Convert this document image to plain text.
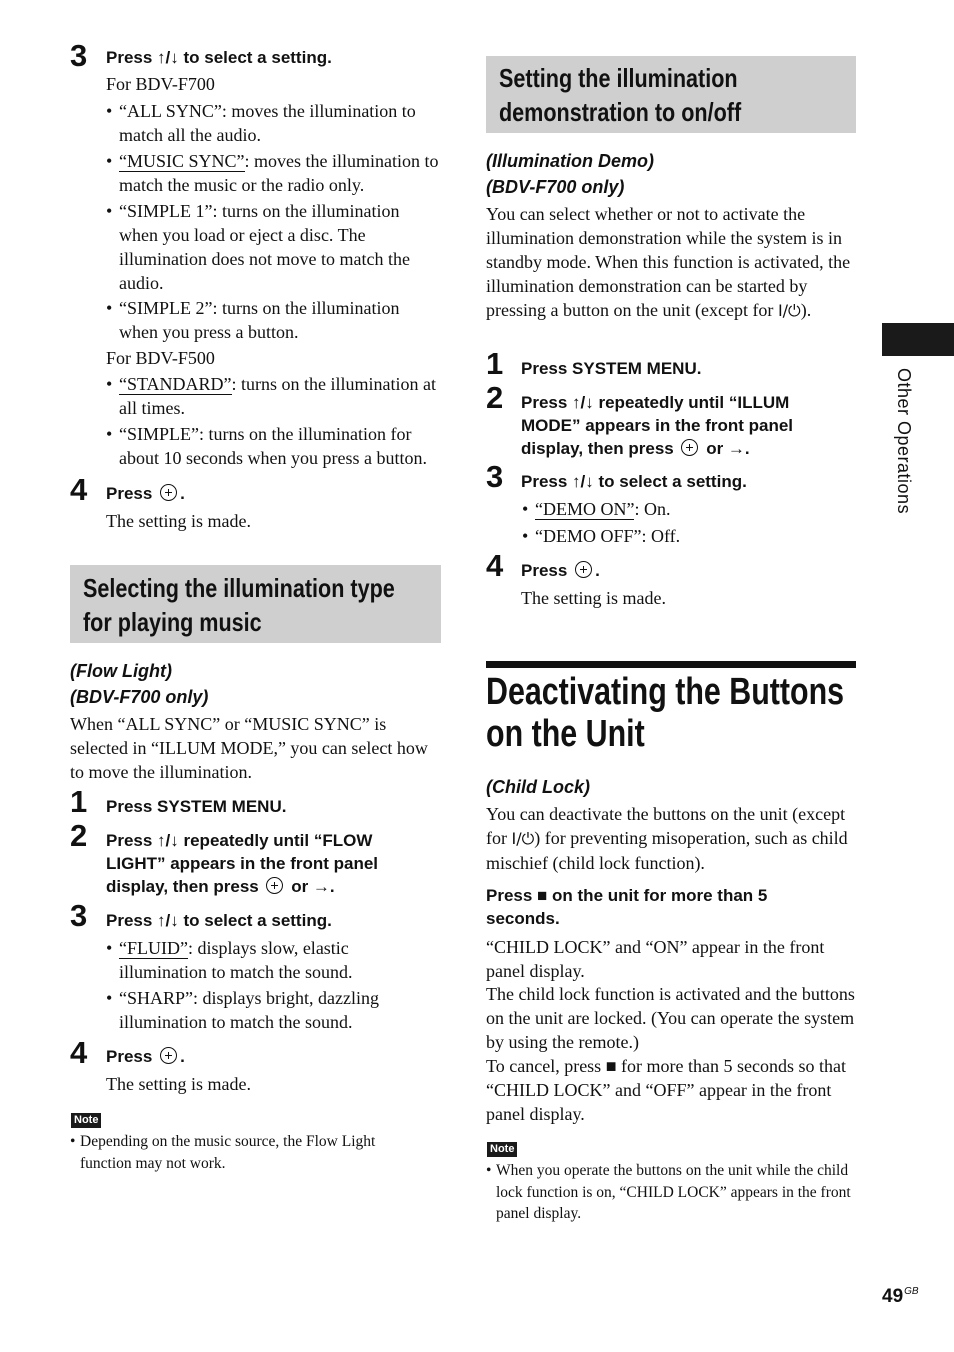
3 Press ↑/↓ to select a setting.
For BDV-F700
• “ALL SYNC”: moves the illumination to match all the audio.
• “MUSIC SYNC”: moves the illumination to match the music or the radio only.
• “SIMPLE 1”: turns on the illumination when you load or eject a disc. The illumination does not move to match the audio.
• “SIMPLE 2”: turns on the illumination when you press a button.
For BDV-F500
• “STANDARD”: turns on the illumination at all times.
• “SIMPLE”: turns on the illumination for about 10 seconds when you press a button.
4 Press .
The setting is made.
Selecting the illumination type
for playing music
(Flow Light)
(BDV-F700 only)
When “ALL SYNC” or “MUSIC SYNC” is selected in “ILLUM MODE,” you can select how to move the illumination.
1 Press SYSTEM MENU.
2 Press ↑/↓ repeatedly until “FLOW LIGHT” appears in the front panel display, then press or →.
3 Press ↑/↓ to select a setting.
• “FLUID”: displays slow, elastic illumination to match the sound.
• “SHARP”: displays bright, dazzling illumination to match the sound.
4 Press .
The setting is made.
Note
• Depending on the music source, the Flow Light function may not work.
Setting the illumination
demonstration to on/off
(Illumination Demo)
(BDV-F700 only)
You can select whether or not to activate the illumination demonstration while the system is in standby mode. When this function is activated, the illumination demonstration can be started by pressing a button on the unit (except for I/⏻).
1 Press SYSTEM MENU.
2 Press ↑/↓ repeatedly until “ILLUM MODE” appears in the front panel display, then press or →.
3 Press ↑/↓ to select a setting.
• “DEMO ON”: On.
• “DEMO OFF”: Off.
4 Press .
The setting is made.
Deactivating the Buttons
on the Unit
(Child Lock)
You can deactivate the buttons on the unit (except for I/⏻) for preventing misoperation, such as child mischief (child lock function).
Press ■ on the unit for more than 5 seconds.
“CHILD LOCK” and “ON” appear in the front panel display.
The child lock function is activated and the buttons on the unit are locked. (You can operate the system by using the remote.)
To cancel, press ■ for more than 5 seconds so that “CHILD LOCK” and “OFF” appear in the front panel display.
Note
• When you operate the buttons on the unit while the child lock function is on, “CHILD LOCK” appears in the front panel display.
Other Operations
$49^{GB}$
